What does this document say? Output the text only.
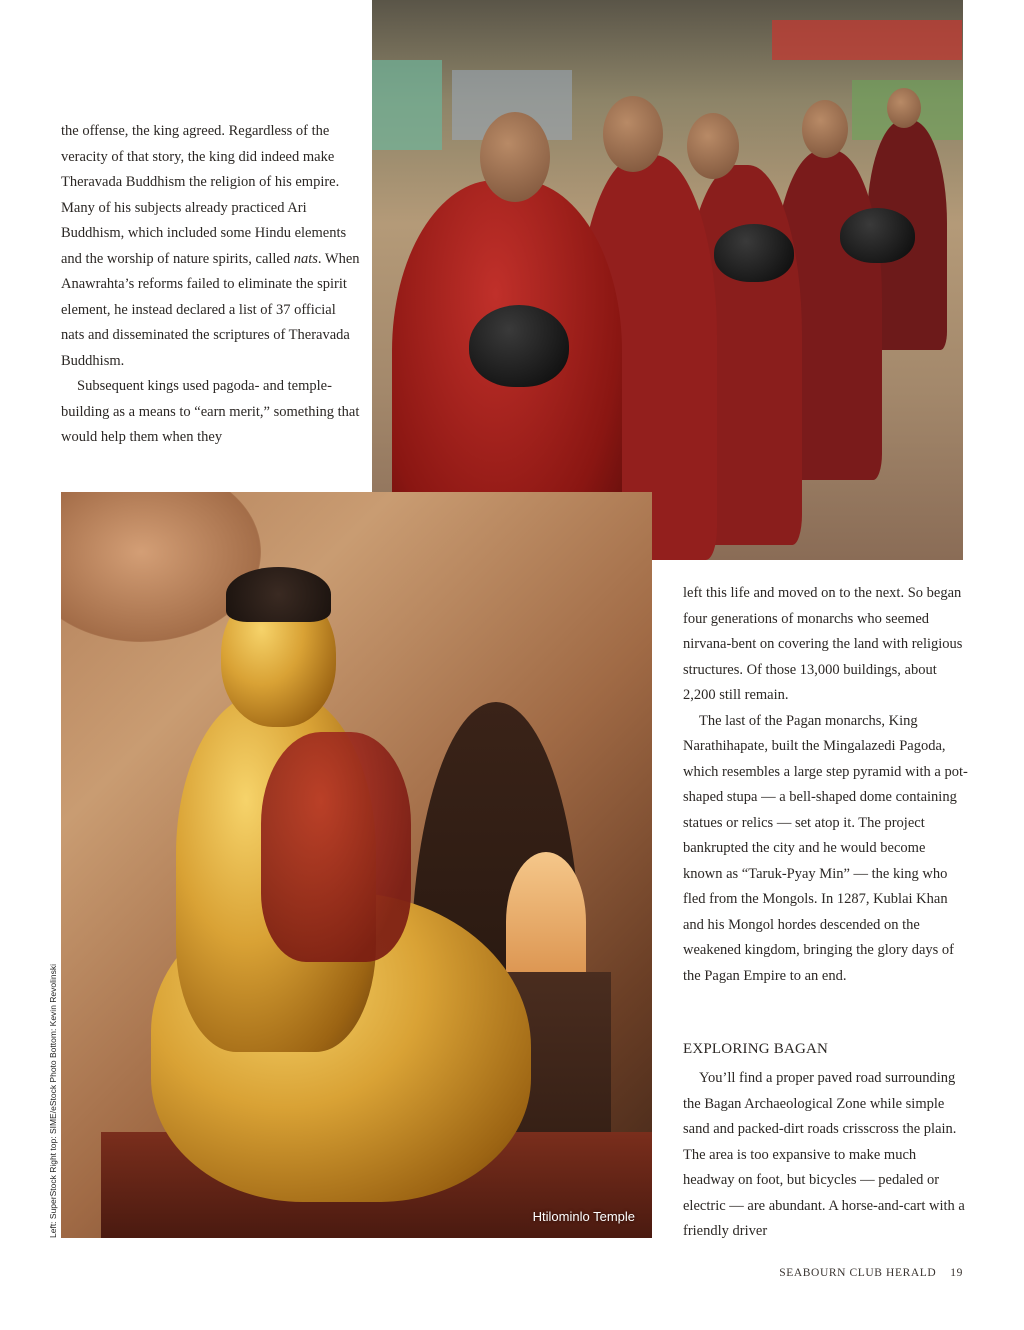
the offense, the king agreed. Regardless of the veracity of that story, the king did indeed make Theravada Buddhism the religion of his empire. Many of his subjects already practiced Ari Buddhism, which included some Hindu elements and the worship of nature spirits, called nats. When Anawrahta’s reforms failed to eliminate the spirit element, he instead declared a list of 37 official nats and disseminated the scriptures of Theravada Buddhism.

Subsequent kings used pagoda- and temple-building as a means to “earn merit,” something that would help them when they

Htilominlo Temple
Left: SuperStock Right top: SIME/eStock Photo Bottom: Kevin Revolinski

left this life and moved on to the next. So began four generations of monarchs who seemed nirvana-bent on covering the land with religious structures. Of those 13,000 buildings, about 2,200 still remain.

The last of the Pagan monarchs, King Narathihapate, built the Mingalazedi Pagoda, which resembles a large step pyramid with a pot-shaped stupa — a bell-shaped dome containing statues or relics — set atop it. The project bankrupted the city and he would become known as “Taruk-Pyay Min” — the king who fled from the Mongols. In 1287, Kublai Khan and his Mongol hordes descended on the weakened kingdom, bringing the glory days of the Pagan Empire to an end.

EXPLORING BAGAN

You’ll find a proper paved road surrounding the Bagan Archaeological Zone while simple sand and packed-dirt roads crisscross the plain. The area is too expansive to make much headway on foot, but bicycles — pedaled or electric — are abundant. A horse-and-cart with a friendly driver

SEABOURN CLUB HERALD 19
